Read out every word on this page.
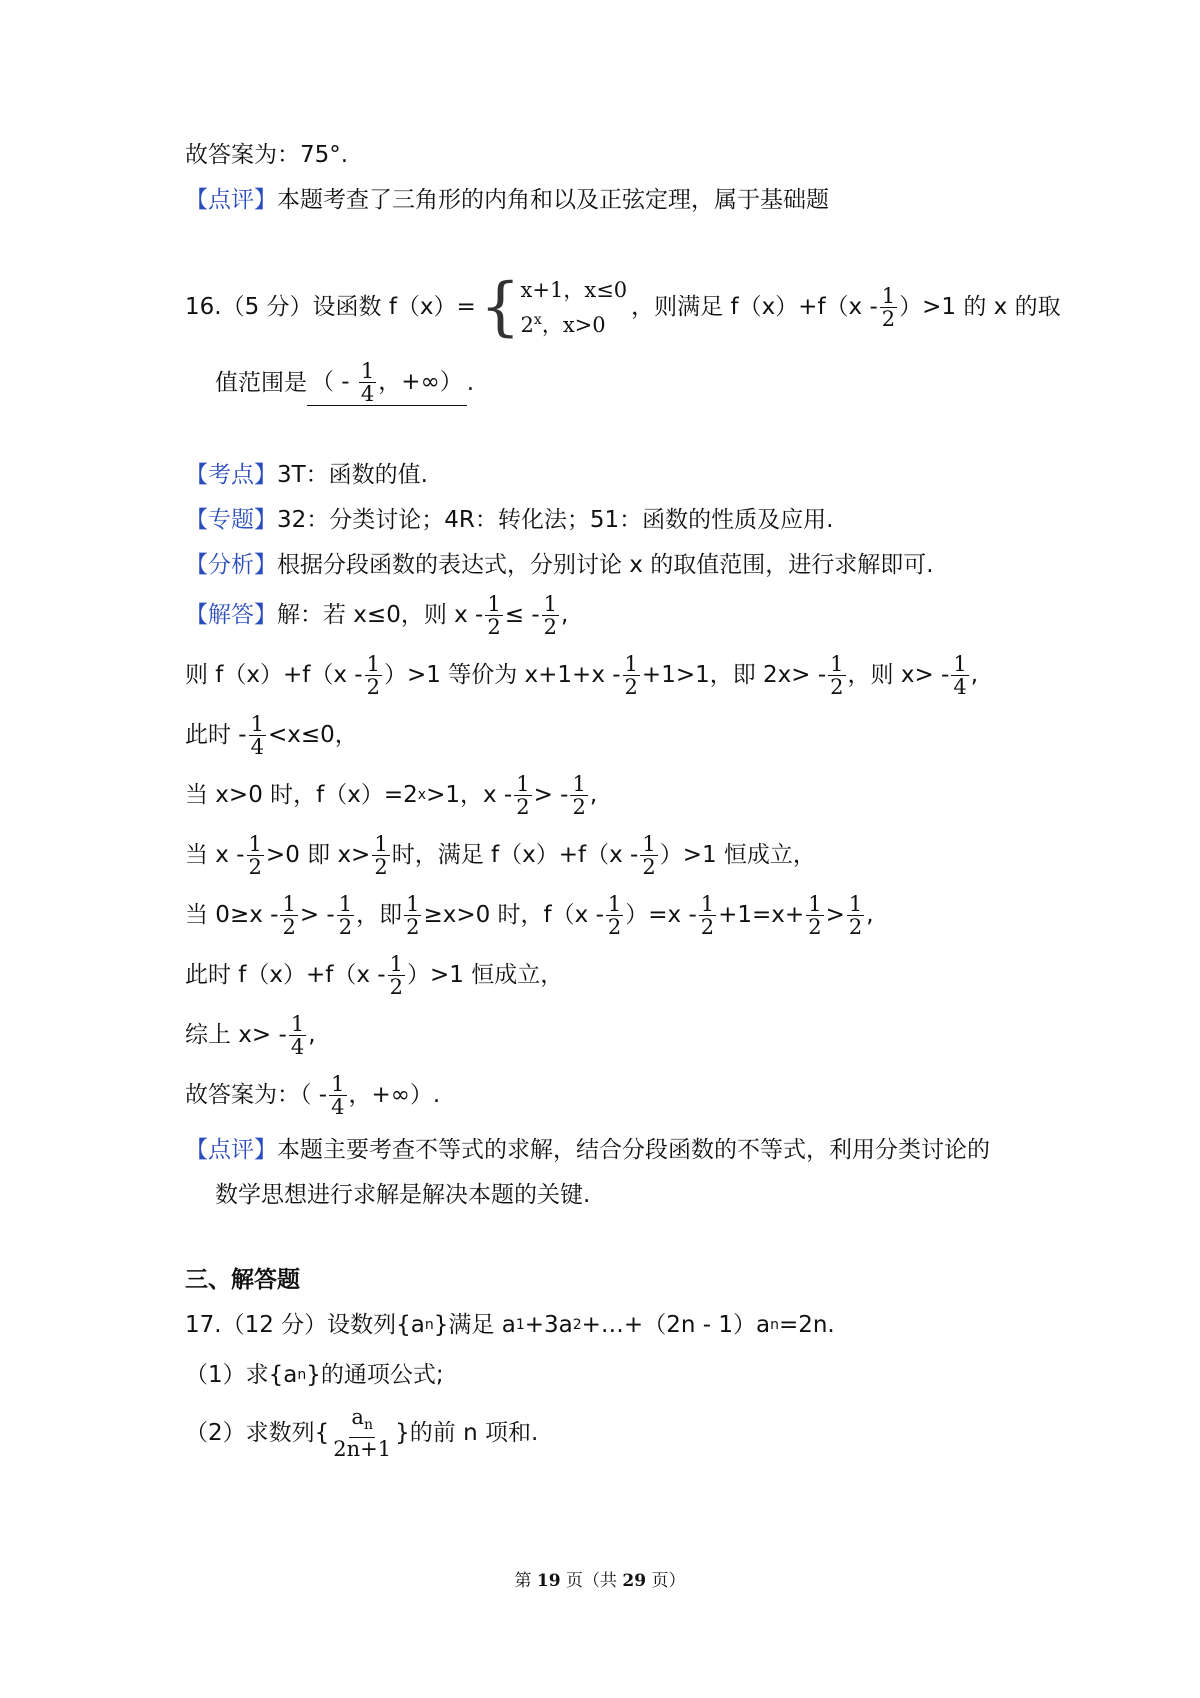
故答案为：75°.
【点评】 本题考查了三角形的内角和以及正弦定理，属于基础题
16.（5 分）设函数 f（x）= { x+1，x≤0
2$^x$，x>0
，则满足 $f(x)+f(x - \frac{1}{2} )>1$ 的 x 的取
值范围是 （ - $\frac{1}{4}$ ，+∞） .
【考点】 3T：函数的值.
【专题】 32：分类讨论；4R：转化法；51：函数的性质及应用.
【分析】 根据分段函数的表达式，分别讨论 x 的取值范围，进行求解即可.
【解答】 解：若 x≤0，则 x - $\frac{1}{2}$ ≤ - $\frac{1}{2}$ ,
则 $f(x)+f(x - \frac{1}{2} )>1$ 等价为 $x+1+x - \frac{1}{2} +1>1$，即 $2x> - \frac{1}{2}$ ，则 $x> - \frac{1}{4}$ ,
此时 - $\frac{1}{4} <x\le 0$，
当 x>0 时，f（x）=2 x >1，x - $\frac{1}{2}$ > - $\frac{1}{2}$ ,
当 $x - \frac{1}{2} >0$ 即 $x> \frac{1}{2}$ 时，满足 $f(x)+f(x - \frac{1}{2} )>1$ 恒成立，
当 $0\ge x - \frac{1}{2}$ > - $\frac{1}{2}$ ，即 $\frac{1}{2} \ge x>0$ 时，$f(x - \frac{1}{2} )=x - \frac{1}{2} +1=x+ \frac{1}{2} > \frac{1}{2}$ ,
此时 $f(x)+f(x - \frac{1}{2} )>1$ 恒成立，
综上 $x> - \frac{1}{4}$ ,
故答案为：（ - $\frac{1}{4}$ ，+∞）.
【点评】 本题主要考查不等式的求解，结合分段函数的不等式，利用分类讨论的
数学思想进行求解是解决本题的关键.
三、解答题
17.（12 分）设数列{a n }满足 a 1 +3a 2 +…+（2n - 1）a n =2n.
（1）求{a n }的通项公式;
（2）求数列{ $\frac{a_n}{2n+1}$ }的前 n 项和.
第 19 页（共 29 页）
